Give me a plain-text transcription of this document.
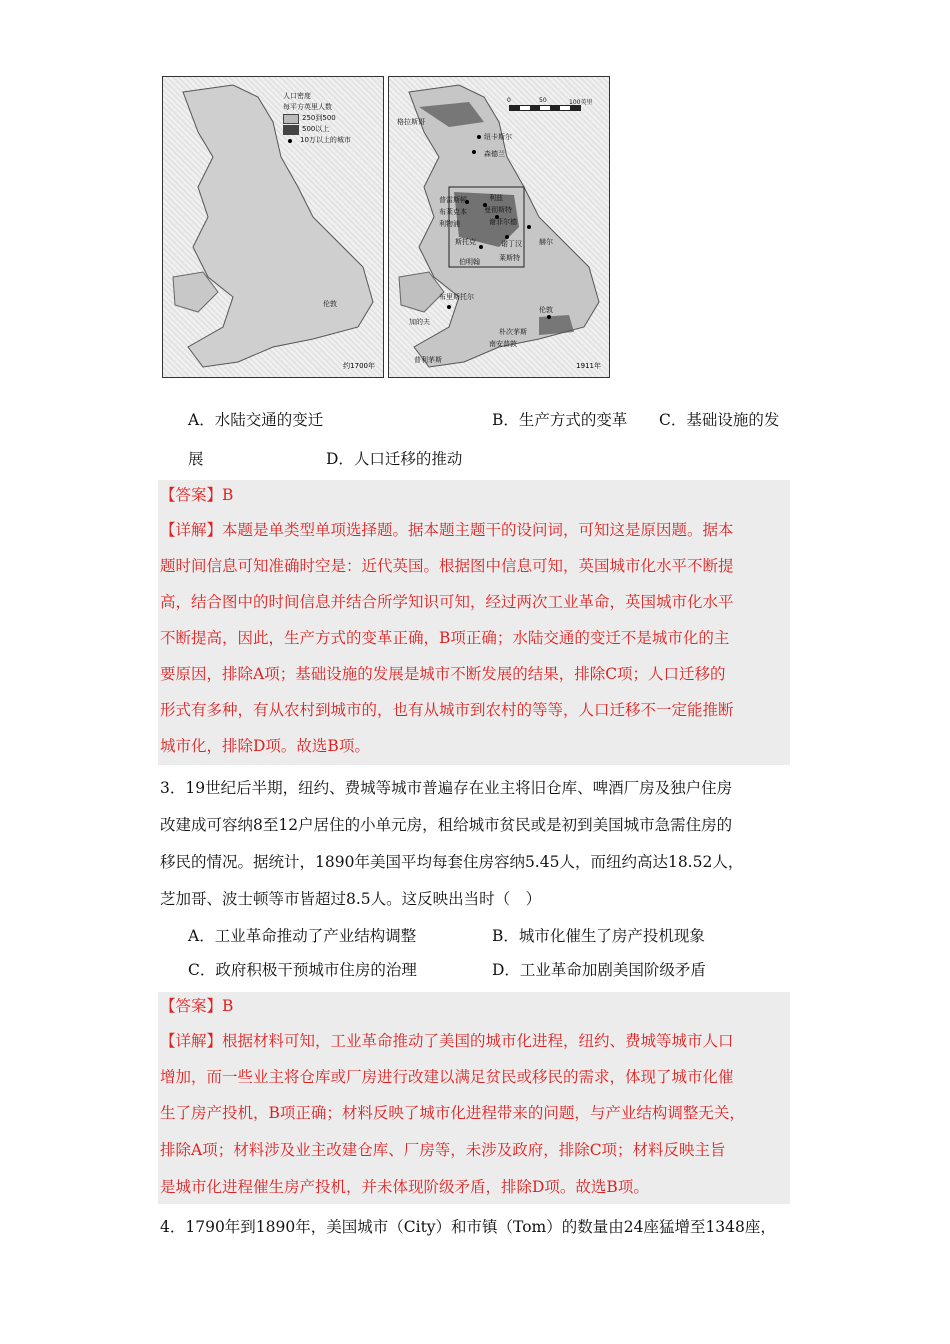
人口密度
每平方英里人数
250到500
500以上
10万以上的城市
伦敦
约1700年
0	50	100英里
格拉斯哥
纽卡斯尔
森德兰
普雷斯顿	利兹
布莱克本
利物浦	谢菲尔德
曼彻斯特
诺丁汉
莱斯特
伯明翰
斯托克
加的夫
伦敦
布里斯托尔
朴次茅斯
南安普敦
普利茅斯
赫尔
1911年
A．水陆交通的变迁	B．生产方式的变革 C．基础设施的发
展	D．人口迁移的推动
【答案】B
【详解】本题是单类型单项选择题。据本题主题干的设问词，可知这是原因题。据本
题时间信息可知准确时空是：近代英国。根据图中信息可知，英国城市化水平不断提
高，结合图中的时间信息并结合所学知识可知，经过两次工业革命，英国城市化水平
不断提高，因此，生产方式的变革正确，B项正确；水陆交通的变迁不是城市化的主
要原因，排除A项；基础设施的发展是城市不断发展的结果，排除C项；人口迁移的
形式有多种，有从农村到城市的，也有从城市到农村的等等，人口迁移不一定能推断
城市化，排除D项。故选B项。
3．19世纪后半期，纽约、费城等城市普遍存在业主将旧仓库、啤酒厂房及独户住房
改建成可容纳8至12户居住的小单元房，租给城市贫民或是初到美国城市急需住房的
移民的情况。据统计，1890年美国平均每套住房容纳5.45人，而纽约高达18.52人，
芝加哥、波士顿等市皆超过8.5人。这反映出当时（　）
A．工业革命推动了产业结构调整	B．城市化催生了房产投机现象
C．政府积极干预城市住房的治理	D．工业革命加剧美国阶级矛盾
【答案】B
【详解】根据材料可知，工业革命推动了美国的城市化进程，纽约、费城等城市人口
增加，而一些业主将仓库或厂房进行改建以满足贫民或移民的需求，体现了城市化催
生了房产投机，B项正确；材料反映了城市化进程带来的问题，与产业结构调整无关，
排除A项；材料涉及业主改建仓库、厂房等，未涉及政府，排除C项；材料反映主旨
是城市化进程催生房产投机，并未体现阶级矛盾，排除D项。故选B项。
4．1790年到1890年，美国城市（City）和市镇（Tom）的数量由24座猛增至1348座，
